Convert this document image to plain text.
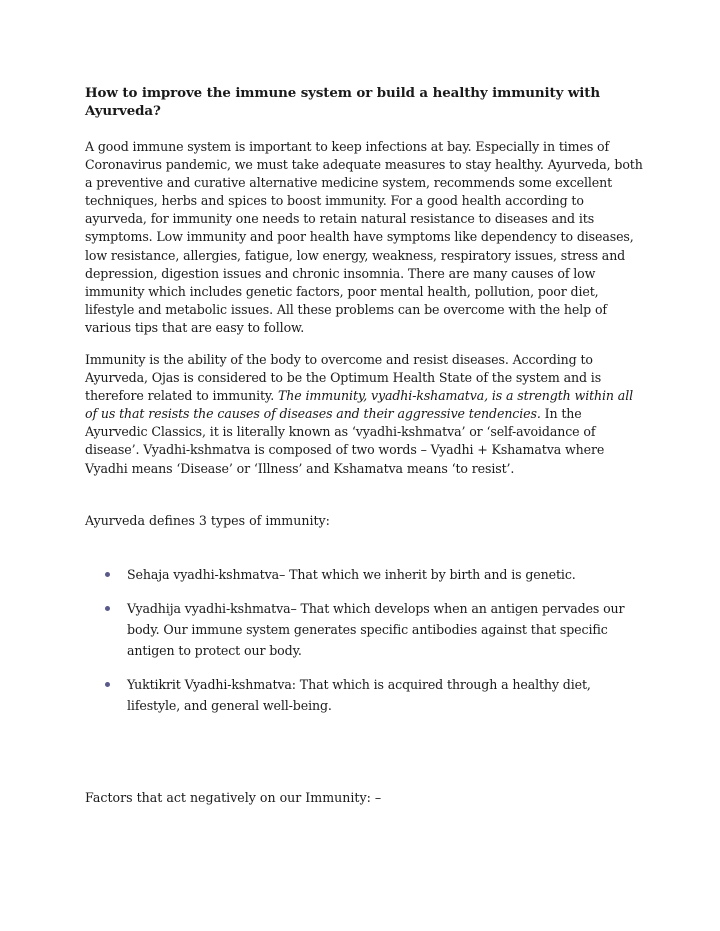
How to improve the immune system or build a healthy immunity with Ayurveda?

A good immune system is important to keep infections at bay. Especially in times of Coronavirus pandemic, we must take adequate measures to stay healthy. Ayurveda, both a preventive and curative alternative medicine system, recommends some excellent techniques, herbs and spices to boost immunity. For a good health according to ayurveda, for immunity one needs to retain natural resistance to diseases and its symptoms. Low immunity and poor health have symptoms like dependency to diseases, low resistance, allergies, fatigue, low energy, weakness, respiratory issues, stress and depression, digestion issues and chronic insomnia. There are many causes of low immunity which includes genetic factors, poor mental health, pollution, poor diet, lifestyle and metabolic issues. All these problems can be overcome with the help of various tips that are easy to follow.

Immunity is the ability of the body to overcome and resist diseases. According to Ayurveda, Ojas is considered to be the Optimum Health State of the system and is therefore related to immunity. The immunity, vyadhi-kshamatva, is a strength within all of us that resists the causes of diseases and their aggressive tendencies. In the Ayurvedic Classics, it is literally known as ‘vyadhi-kshmatva’ or ‘self-avoidance of disease’. Vyadhi-kshmatva is composed of two words – Vyadhi + Kshamatva where Vyadhi means ‘Disease’ or ‘Illness’ and Kshamatva means ‘to resist’.

Ayurveda defines 3 types of immunity:
Sehaja vyadhi-kshmatva– That which we inherit by birth and is genetic.
Vyadhija vyadhi-kshmatva– That which develops when an antigen pervades our body. Our immune system generates specific antibodies against that specific antigen to protect our body.
Yuktikrit Vyadhi-kshmatva: That which is acquired through a healthy diet, lifestyle, and general well-being.
Factors that act negatively on our Immunity: –
